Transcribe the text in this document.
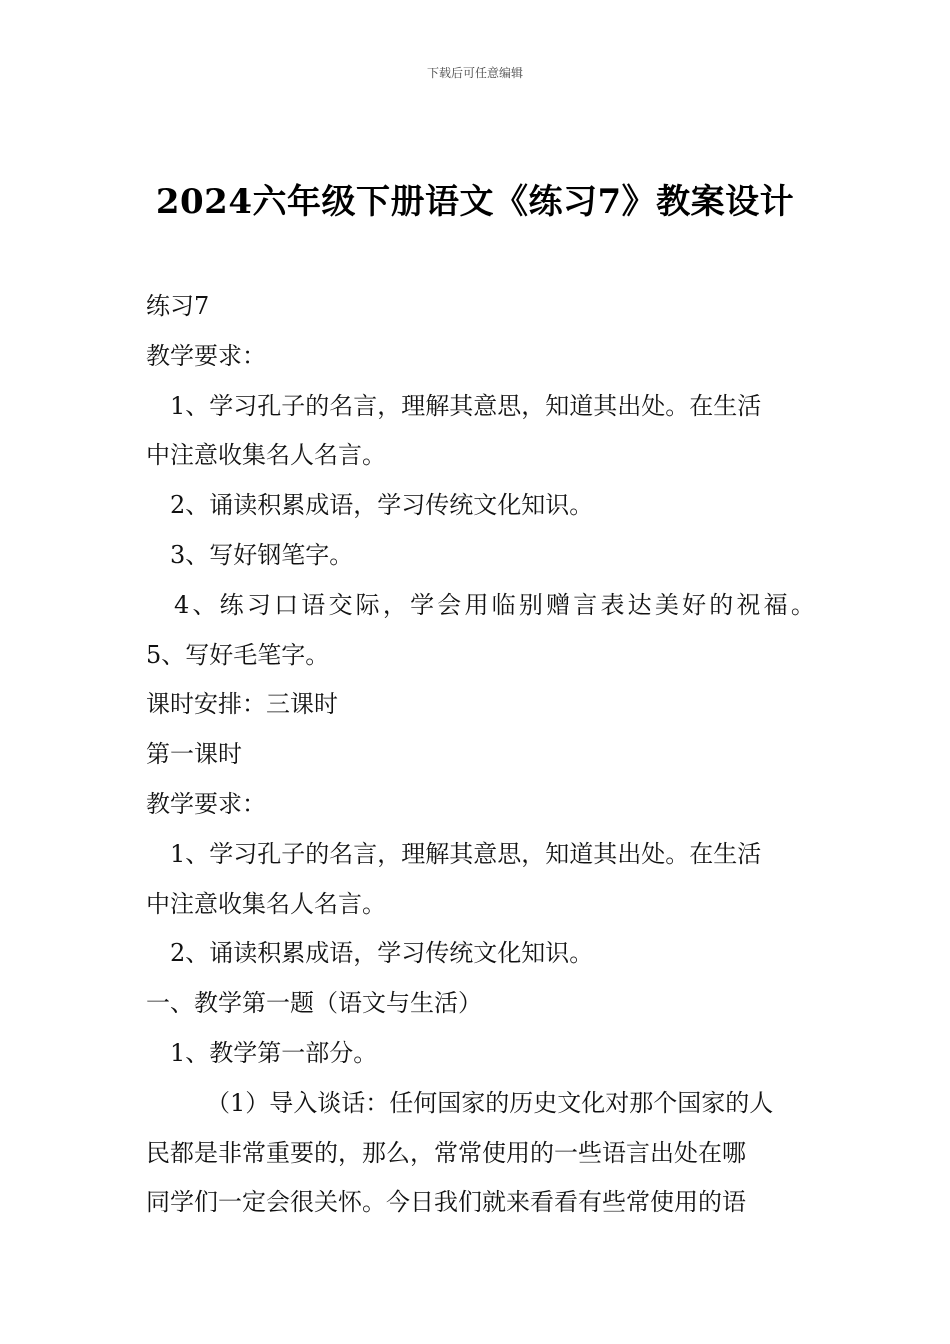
下载后可任意编辑
2024六年级下册语文《练习7》教案设计

练习7

教学要求：

1、学习孔子的名言，理解其意思，知道其出处。在生活

中注意收集名人名言。

2、诵读积累成语，学习传统文化知识。

3、写好钢笔字。

4、练习口语交际，学会用临别赠言表达美好的祝福。

5、写好毛笔字。

课时安排：三课时

第一课时

教学要求：

1、学习孔子的名言，理解其意思，知道其出处。在生活

中注意收集名人名言。

2、诵读积累成语，学习传统文化知识。

一、教学第一题（语文与生活）

1、教学第一部分。

（1）导入谈话：任何国家的历史文化对那个国家的人

民都是非常重要的，那么，常常使用的一些语言出处在哪

同学们一定会很关怀。今日我们就来看看有些常使用的语
